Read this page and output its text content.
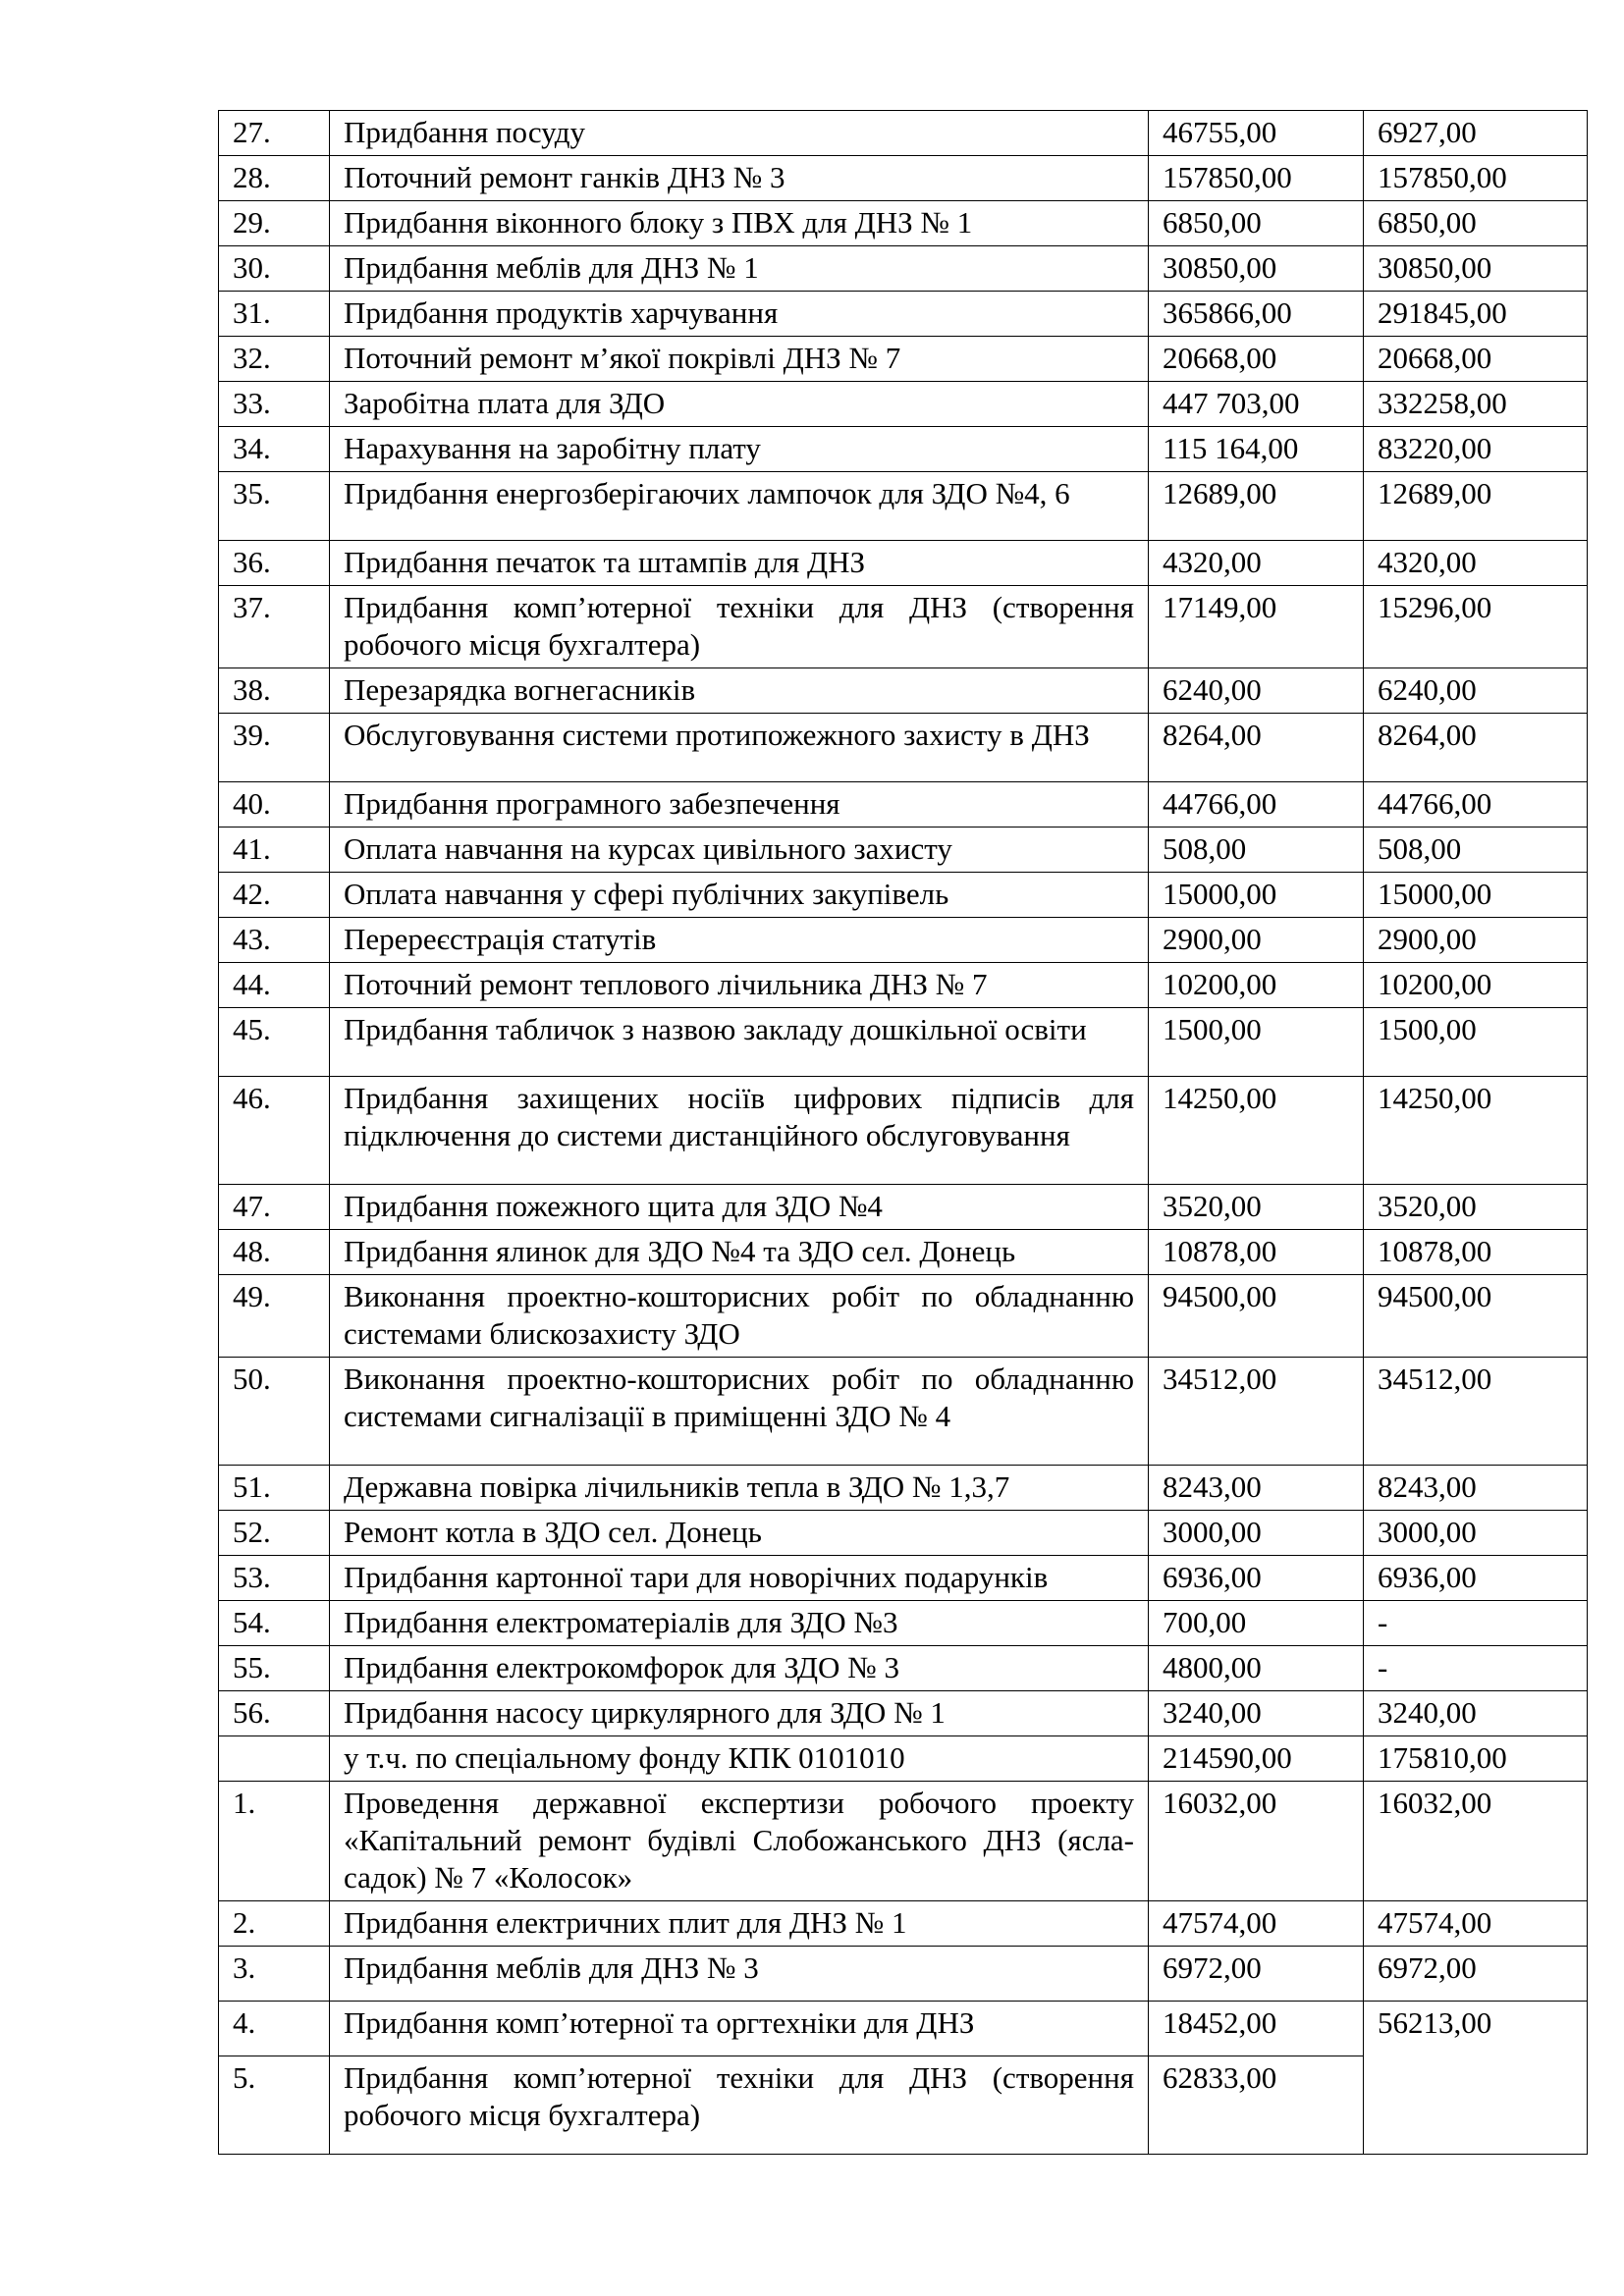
27.	Придбання посуду	46755,00	6927,00
28.	Поточний ремонт ганків ДНЗ № 3	157850,00	157850,00
29.	Придбання віконного блоку з ПВХ для ДНЗ № 1	6850,00	6850,00
30.	Придбання меблів для ДНЗ № 1	30850,00	30850,00
31.	Придбання продуктів харчування	365866,00	291845,00
32.	Поточний ремонт м’якої покрівлі ДНЗ № 7	20668,00	20668,00
33.	Заробітна плата для ЗДО	447 703,00	332258,00
34.	Нарахування на заробітну плату	115 164,00	83220,00
35.	Придбання енергозберігаючих лампочок для ЗДО №4, 6	12689,00	12689,00
36.	Придбання печаток та штампів для ДНЗ	4320,00	4320,00
37.	Придбання комп’ютерної техніки для ДНЗ (створення робочого місця бухгалтера)	17149,00	15296,00
38.	Перезарядка вогнегасників	6240,00	6240,00
39.	Обслуговування системи протипожежного захисту в ДНЗ	8264,00	8264,00
40.	Придбання програмного забезпечення	44766,00	44766,00
41.	Оплата навчання на курсах цивільного захисту	508,00	508,00
42.	Оплата навчання у сфері публічних закупівель	15000,00	15000,00
43.	Перереєстрація статутів	2900,00	2900,00
44.	Поточний ремонт теплового лічильника ДНЗ № 7	10200,00	10200,00
45.	Придбання табличок з назвою закладу дошкільної освіти	1500,00	1500,00
46.	Придбання захищених носіїв цифрових підписів для підключення до системи дистанційного обслуговування	14250,00	14250,00
47.	Придбання пожежного щита для ЗДО №4	3520,00	3520,00
48.	Придбання ялинок для ЗДО №4 та ЗДО сел. Донець	10878,00	10878,00
49.	Виконання проектно-кошторисних робіт по обладнанню системами блискозахисту ЗДО	94500,00	94500,00
50.	Виконання проектно-кошторисних робіт по обладнанню системами сигналізації в приміщенні ЗДО № 4	34512,00	34512,00
51.	Державна повірка лічильників тепла в ЗДО № 1,3,7	8243,00	8243,00
52.	Ремонт котла в ЗДО сел. Донець	3000,00	3000,00
53.	Придбання картонної тари для новорічних подарунків	6936,00	6936,00
54.	Придбання електроматеріалів для ЗДО №3	700,00	-
55.	Придбання електрокомфорок для ЗДО № 3	4800,00	-
56.	Придбання насосу циркулярного для ЗДО № 1	3240,00	3240,00
	у т.ч. по спеціальному фонду КПК 0101010	214590,00	175810,00
1.	Проведення державної експертизи робочого проекту «Капітальний ремонт будівлі Слобожанського ДНЗ (ясла-садок) № 7 «Колосок»	16032,00	16032,00
2.	Придбання електричних плит для ДНЗ № 1	47574,00	47574,00
3.	Придбання меблів для ДНЗ № 3	6972,00	6972,00
4.	Придбання комп’ютерної та оргтехніки для ДНЗ	18452,00	56213,00
5.	Придбання комп’ютерної техніки для ДНЗ (створення робочого місця бухгалтера)	62833,00	
